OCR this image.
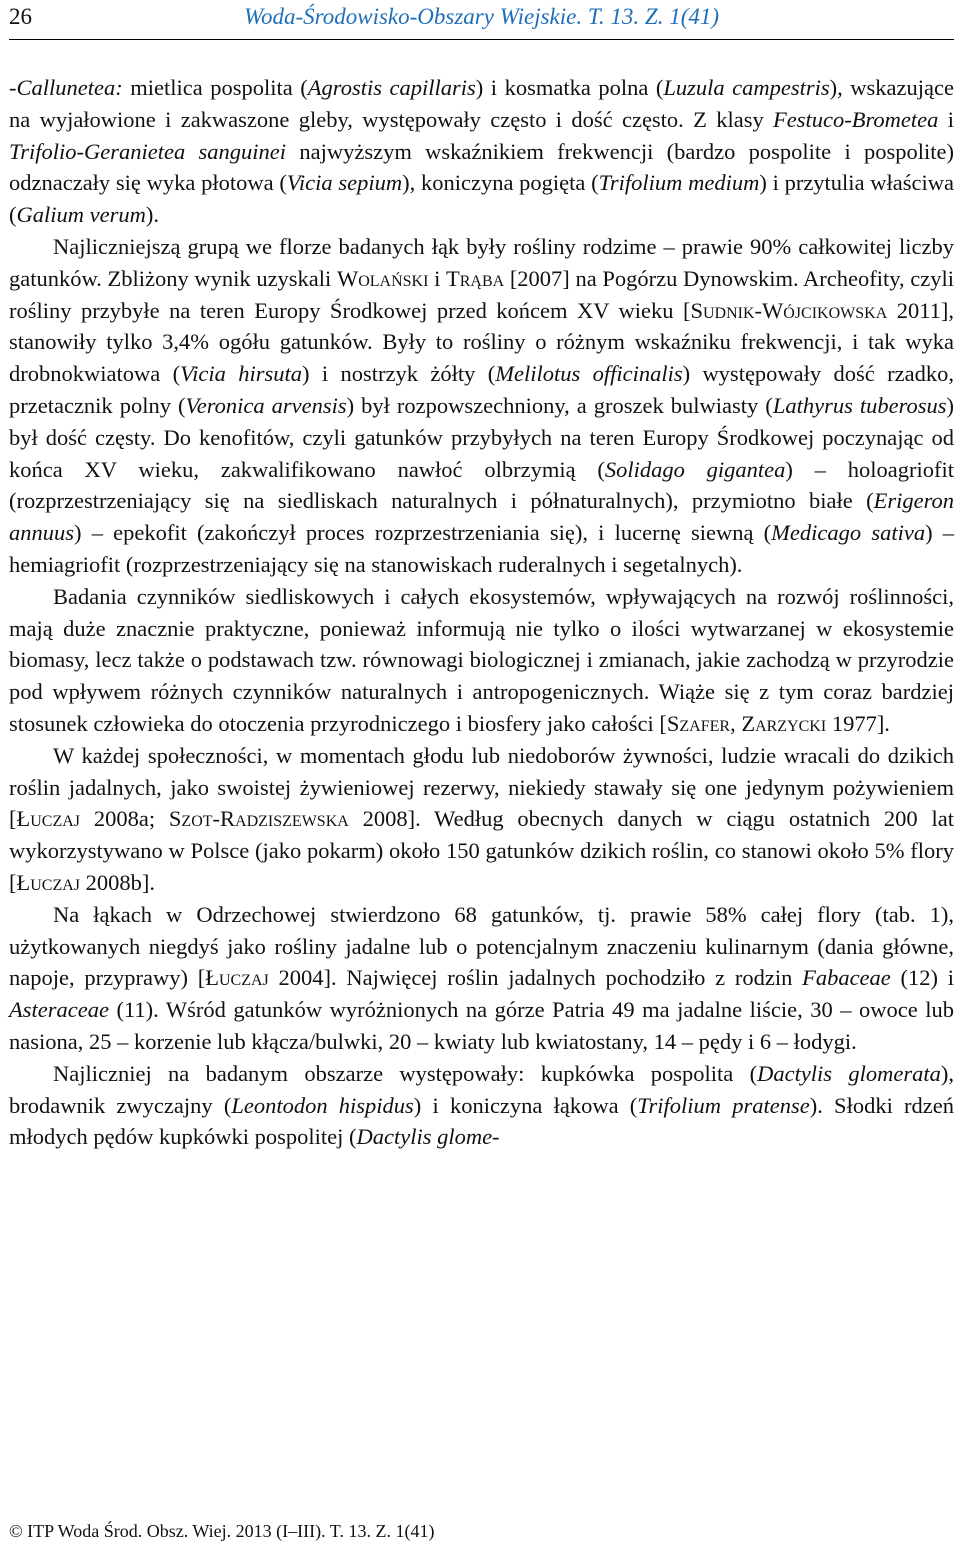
26	Woda-Środowisko-Obszary Wiejskie. T. 13. Z. 1(41)

-Callunetea: mietlica pospolita (Agrostis capillaris) i kosmatka polna (Luzula campestris), wskazujące na wyjałowione i zakwaszone gleby, występowały często i dość często. Z klasy Festuco-Brometea i Trifolio-Geranietea sanguinei najwyższym wskaźnikiem frekwencji (bardzo pospolite i pospolite) odznaczały się wyka płotowa (Vicia sepium), koniczyna pogięta (Trifolium medium) i przytulia właściwa (Galium verum).

Najliczniejszą grupą we florze badanych łąk były rośliny rodzime – prawie 90% całkowitej liczby gatunków. Zbliżony wynik uzyskali Wolański i Trąba [2007] na Pogórzu Dynowskim. Archeofity, czyli rośliny przybyłe na teren Europy Środkowej przed końcem XV wieku [Sudnik-Wójcikowska 2011], stanowiły tylko 3,4% ogółu gatunków. Były to rośliny o różnym wskaźniku frekwencji, i tak wyka drobnokwiatowa (Vicia hirsuta) i nostrzyk żółty (Melilotus officinalis) występowały dość rzadko, przetacznik polny (Veronica arvensis) był rozpowszechniony, a groszek bulwiasty (Lathyrus tuberosus) był dość częsty. Do kenofitów, czyli gatunków przybyłych na teren Europy Środkowej poczynając od końca XV wieku, zakwalifikowano nawłoć olbrzymią (Solidago gigantea) – holoagriofit (rozprzestrzeniający się na siedliskach naturalnych i półnaturalnych), przymiotno białe (Erigeron annuus) – epekofit (zakończył proces rozprzestrzeniania się), i lucernę siewną (Medicago sativa) – hemiagriofit (rozprzestrzeniający się na stanowiskach ruderalnych i segetalnych).

Badania czynników siedliskowych i całych ekosystemów, wpływających na rozwój roślinności, mają duże znacznie praktyczne, ponieważ informują nie tylko o ilości wytwarzanej w ekosystemie biomasy, lecz także o podstawach tzw. równowagi biologicznej i zmianach, jakie zachodzą w przyrodzie pod wpływem różnych czynników naturalnych i antropogenicznych. Wiąże się z tym coraz bardziej stosunek człowieka do otoczenia przyrodniczego i biosfery jako całości [Szafer, Zarzycki 1977].

W każdej społeczności, w momentach głodu lub niedoborów żywności, ludzie wracali do dzikich roślin jadalnych, jako swoistej żywieniowej rezerwy, niekiedy stawały się one jedynym pożywieniem [Łuczaj 2008a; Szot-Radziszewska 2008]. Według obecnych danych w ciągu ostatnich 200 lat wykorzystywano w Polsce (jako pokarm) około 150 gatunków dzikich roślin, co stanowi około 5% flory [Łuczaj 2008b].

Na łąkach w Odrzechowej stwierdzono 68 gatunków, tj. prawie 58% całej flory (tab. 1), użytkowanych niegdyś jako rośliny jadalne lub o potencjalnym znaczeniu kulinarnym (dania główne, napoje, przyprawy) [Łuczaj 2004]. Najwięcej roślin jadalnych pochodziło z rodzin Fabaceae (12) i Asteraceae (11). Wśród gatunków wyróżnionych na górze Patria 49 ma jadalne liście, 30 – owoce lub nasiona, 25 – korzenie lub kłącza/bulwki, 20 – kwiaty lub kwiatostany, 14 – pędy i 6 – łodygi.

Najliczniej na badanym obszarze występowały: kupkówka pospolita (Dactylis glomerata), brodawnik zwyczajny (Leontodon hispidus) i koniczyna łąkowa (Trifolium pratense). Słodki rdzeń młodych pędów kupkówki pospolitej (Dactylis glome-

© ITP Woda Środ. Obsz. Wiej. 2013 (I–III). T. 13. Z. 1(41)
